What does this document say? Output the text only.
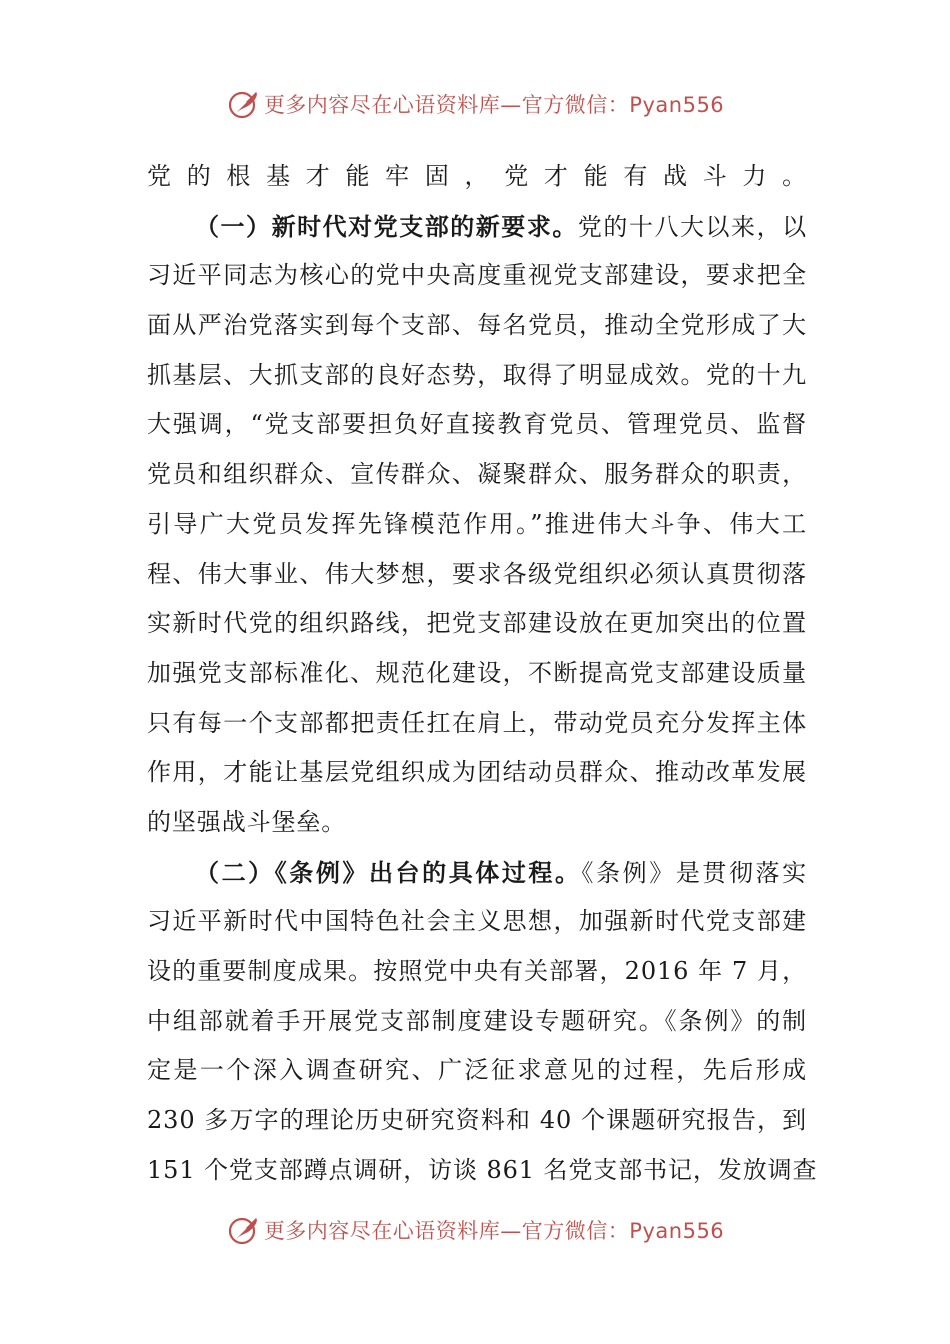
更多内容尽在心语资料库—官方微信：Pyan556
党的根基才能牢固，党才能有战斗力。
（一）新时代对党支部的新要求。党的十八大以来，以
习近平同志为核心的党中央高度重视党支部建设，要求把全
面从严治党落实到每个支部、每名党员，推动全党形成了大
抓基层、大抓支部的良好态势，取得了明显成效。党的十九
大强调，“党支部要担负好直接教育党员、管理党员、监督
党员和组织群众、宣传群众、凝聚群众、服务群众的职责，
引导广大党员发挥先锋模范作用。”推进伟大斗争、伟大工
程、伟大事业、伟大梦想，要求各级党组织必须认真贯彻落
实新时代党的组织路线，把党支部建设放在更加突出的位置
加强党支部标准化、规范化建设，不断提高党支部建设质量
只有每一个支部都把责任扛在肩上，带动党员充分发挥主体
作用，才能让基层党组织成为团结动员群众、推动改革发展
的坚强战斗堡垒。
（二）《条例》出台的具体过程。《条例》是贯彻落实
习近平新时代中国特色社会主义思想，加强新时代党支部建
设的重要制度成果。按照党中央有关部署，2016 年 7 月，
中组部就着手开展党支部制度建设专题研究。《条例》的制
定是一个深入调查研究、广泛征求意见的过程，先后形成
230 多万字的理论历史研究资料和 40 个课题研究报告，到
151 个党支部蹲点调研，访谈 861 名党支部书记，发放调查
更多内容尽在心语资料库—官方微信：Pyan556
